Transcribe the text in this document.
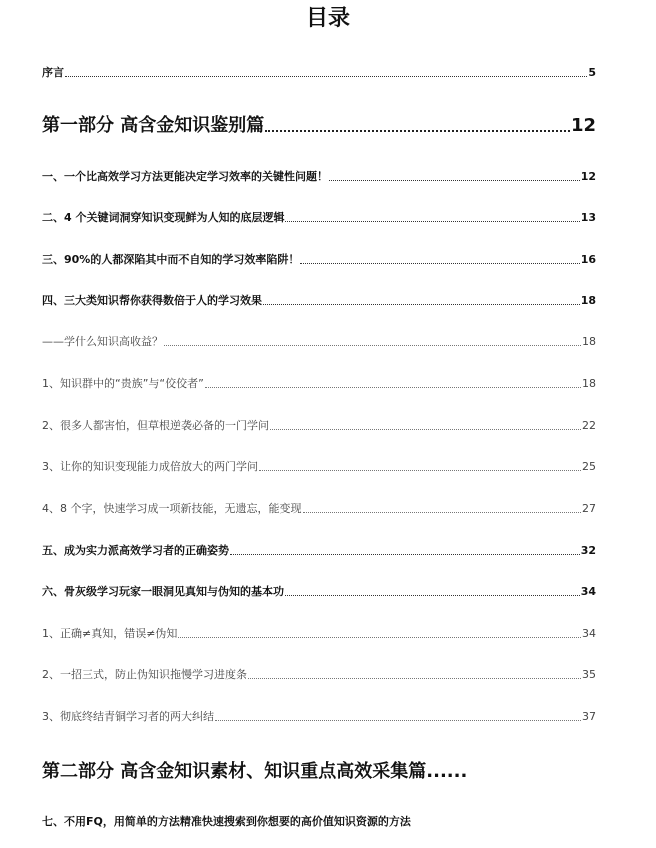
目录
序言	5
第一部分 高含金知识鉴别篇	12
一、一个比高效学习方法更能决定学习效率的关键性问题！	12
二、4 个关键词洞穿知识变现鲜为人知的底层逻辑	13
三、90%的人都深陷其中而不自知的学习效率陷阱！	16
四、三大类知识帮你获得数倍于人的学习效果	18
——学什么知识高收益？	18
1、知识群中的“贵族”与“佼佼者”	18
2、很多人都害怕，但草根逆袭必备的一门学问	22
3、让你的知识变现能力成倍放大的两门学问	25
4、8 个字，快速学习成一项新技能，无遗忘，能变现	27
五、成为实力派高效学习者的正确姿势	32
六、骨灰级学习玩家一眼洞见真知与伪知的基本功	34
1、正确≠真知，错误≠伪知	34
2、一招三式，防止伪知识拖慢学习进度条	35
3、彻底终结青铜学习者的两大纠结	37
第二部分 高含金知识素材、知识重点高效采集篇......
七、不用FQ，用简单的方法精准快速搜索到你想要的高价值知识资源的方法
